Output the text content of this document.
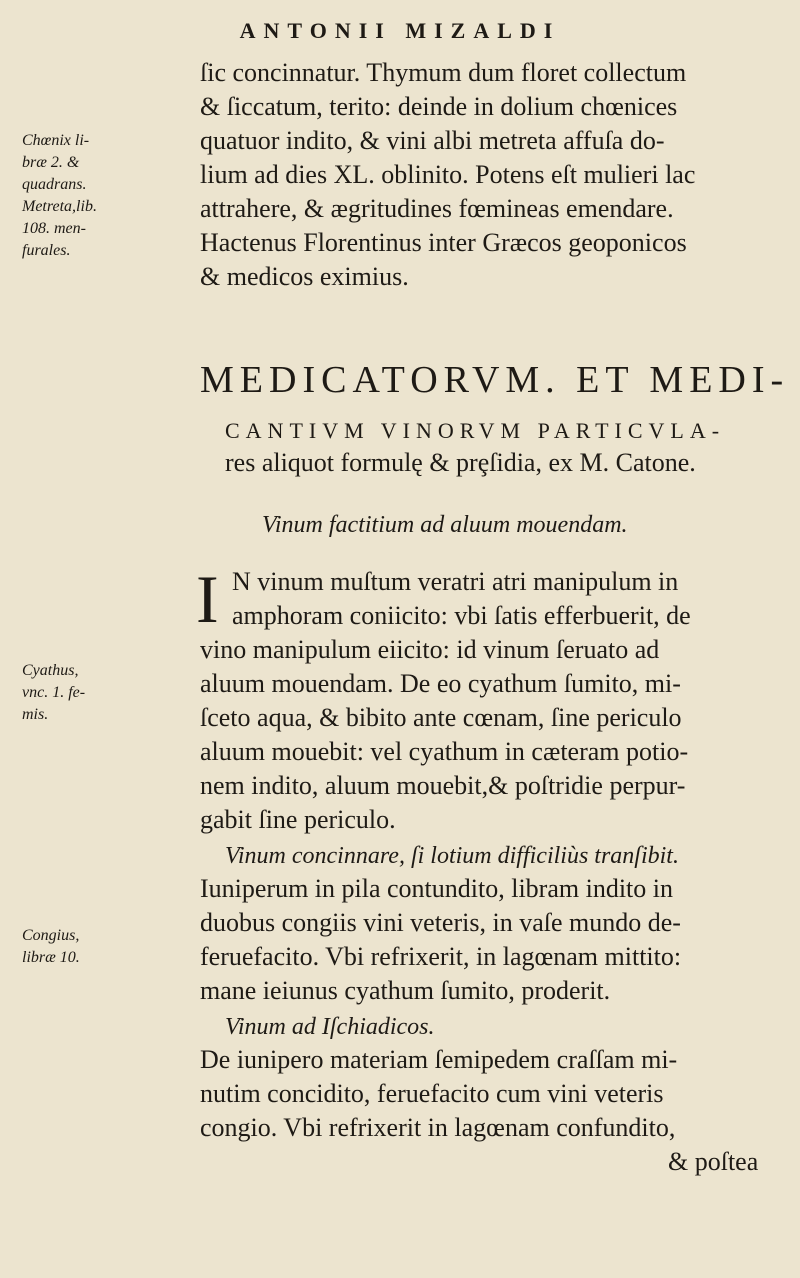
ANTONII MIZALDI
Chœnix li-
bræ 2. &
quadrans.
Metreta,lib.
108. men-
furales.
Cyathus,
vnc. 1. fe-
mis.
Congius,
libræ 10.
ſic concinnatur. Thymum dum floret collectum
& ſiccatum, terito: deinde in dolium chœnices
quatuor indito, & vini albi metreta affuſa do-
lium ad dies XL. oblinito. Potens eſt mulieri lac
attrahere, & ægritudines fœmineas emendare.
Hactenus Florentinus inter Græcos geoponicos
& medicos eximius.
MEDICATORVM. ET MEDI-
CANTIVM VINORVM PARTICVLA-
res aliquot formulę & prȩſidia, ex M. Catone.
Vinum factitium ad aluum mouendam.
I N vinum muſtum veratri atri manipulum in
amphoram coniicito: vbi ſatis efferbuerit, de
vino manipulum eiicito: id vinum ſeruato ad
aluum mouendam. De eo cyathum ſumito, mi-
ſceto aqua, & bibito ante cœnam, ſine periculo
aluum mouebit: vel cyathum in cæteram potio-
nem indito, aluum mouebit,& poſtridie perpur-
gabit ſine periculo.
Vinum concinnare, ſi lotium difficiliùs tranſibit.
Iuniperum in pila contundito, libram indito in
duobus congiis vini veteris, in vaſe mundo de-
feruefacito. Vbi refrixerit, in lagœnam mittito:
mane ieiunus cyathum ſumito, proderit.
Vinum ad Iſchiadicos.
De iunipero materiam ſemipedem craſſam mi-
nutim concidito, feruefacito cum vini veteris
congio. Vbi refrixerit in lagœnam confundito,
& poſtea
